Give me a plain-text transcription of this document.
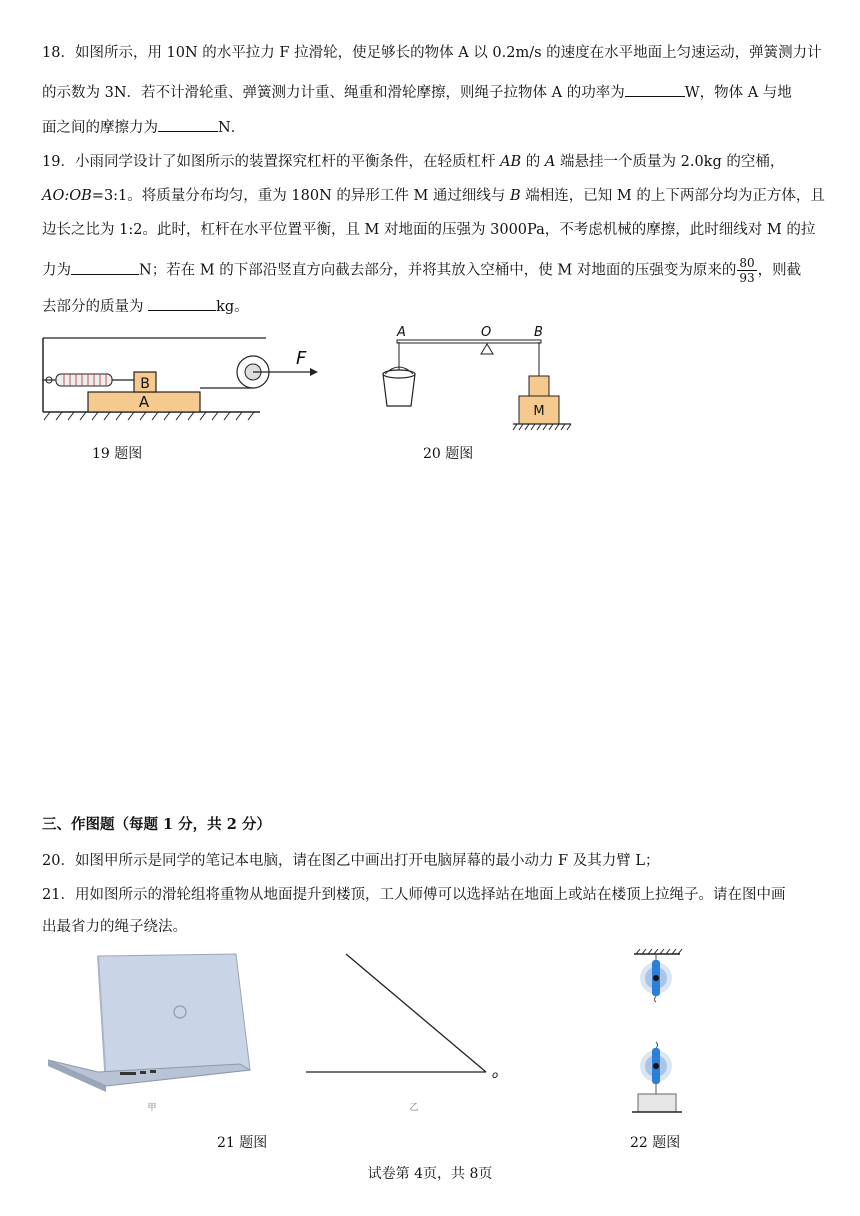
18．如图所示，用 10N 的水平拉力 F 拉滑轮，使足够长的物体 A 以 0.2m/s 的速度在水平地面上匀速运动，弹簧测力计
的示数为 3N．若不计滑轮重、弹簧测力计重、绳重和滑轮摩擦，则绳子拉物体 A 的功率为	W，物体 A 与地
面之间的摩擦力为	N．
19．小雨同学设计了如图所示的装置探究杠杆的平衡条件，在轻质杠杆 AB 的 A 端悬挂一个质量为 2.0kg 的空桶，
AO:OB=3:1。将质量分布均匀，重为 180N 的异形工件 M 通过细线与 B 端相连，已知 M 的上下两部分均为正方体，且
边长之比为 1:2。此时，杠杆在水平位置平衡，且 M 对地面的压强为 3000Pa，不考虑机械的摩擦，此时细线对 M 的拉
力为	N；若在 M 的下部沿竖直方向截去部分，并将其放入空桶中，使 M 对地面的压强变为原来的 $\frac{80}{93}$ ，则截
去部分的质量为	kg。
A
B
F
19 题图
A	O	B
M
20 题图
三、作图题（每题 1 分，共 2 分）
20．如图甲所示是同学的笔记本电脑，请在图乙中画出打开电脑屏幕的最小动力 F 及其力臂 L；
21．用如图所示的滑轮组将重物从地面提升到楼顶，工人师傅可以选择站在地面上或站在楼顶上拉绳子。请在图中画
出最省力的绳子绕法。
甲
o
乙
21 题图	22 题图
试卷第 4页，共 8页
